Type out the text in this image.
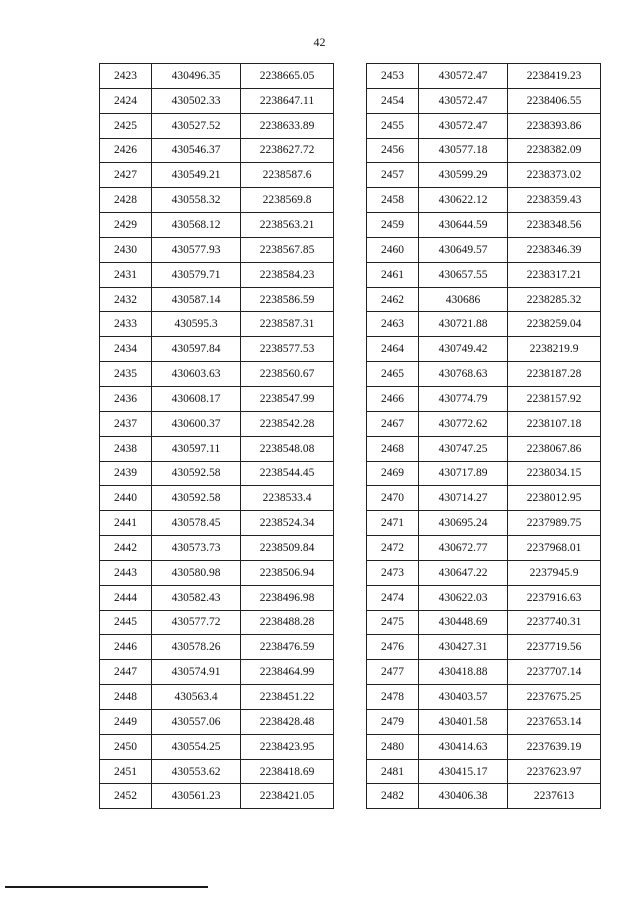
42
2423	430496.35	2238665.05
2424	430502.33	2238647.11
2425	430527.52	2238633.89
2426	430546.37	2238627.72
2427	430549.21	2238587.6
2428	430558.32	2238569.8
2429	430568.12	2238563.21
2430	430577.93	2238567.85
2431	430579.71	2238584.23
2432	430587.14	2238586.59
2433	430595.3	2238587.31
2434	430597.84	2238577.53
2435	430603.63	2238560.67
2436	430608.17	2238547.99
2437	430600.37	2238542.28
2438	430597.11	2238548.08
2439	430592.58	2238544.45
2440	430592.58	2238533.4
2441	430578.45	2238524.34
2442	430573.73	2238509.84
2443	430580.98	2238506.94
2444	430582.43	2238496.98
2445	430577.72	2238488.28
2446	430578.26	2238476.59
2447	430574.91	2238464.99
2448	430563.4	2238451.22
2449	430557.06	2238428.48
2450	430554.25	2238423.95
2451	430553.62	2238418.69
2452	430561.23	2238421.05
2453	430572.47	2238419.23
2454	430572.47	2238406.55
2455	430572.47	2238393.86
2456	430577.18	2238382.09
2457	430599.29	2238373.02
2458	430622.12	2238359.43
2459	430644.59	2238348.56
2460	430649.57	2238346.39
2461	430657.55	2238317.21
2462	430686	2238285.32
2463	430721.88	2238259.04
2464	430749.42	2238219.9
2465	430768.63	2238187.28
2466	430774.79	2238157.92
2467	430772.62	2238107.18
2468	430747.25	2238067.86
2469	430717.89	2238034.15
2470	430714.27	2238012.95
2471	430695.24	2237989.75
2472	430672.77	2237968.01
2473	430647.22	2237945.9
2474	430622.03	2237916.63
2475	430448.69	2237740.31
2476	430427.31	2237719.56
2477	430418.88	2237707.14
2478	430403.57	2237675.25
2479	430401.58	2237653.14
2480	430414.63	2237639.19
2481	430415.17	2237623.97
2482	430406.38	2237613
